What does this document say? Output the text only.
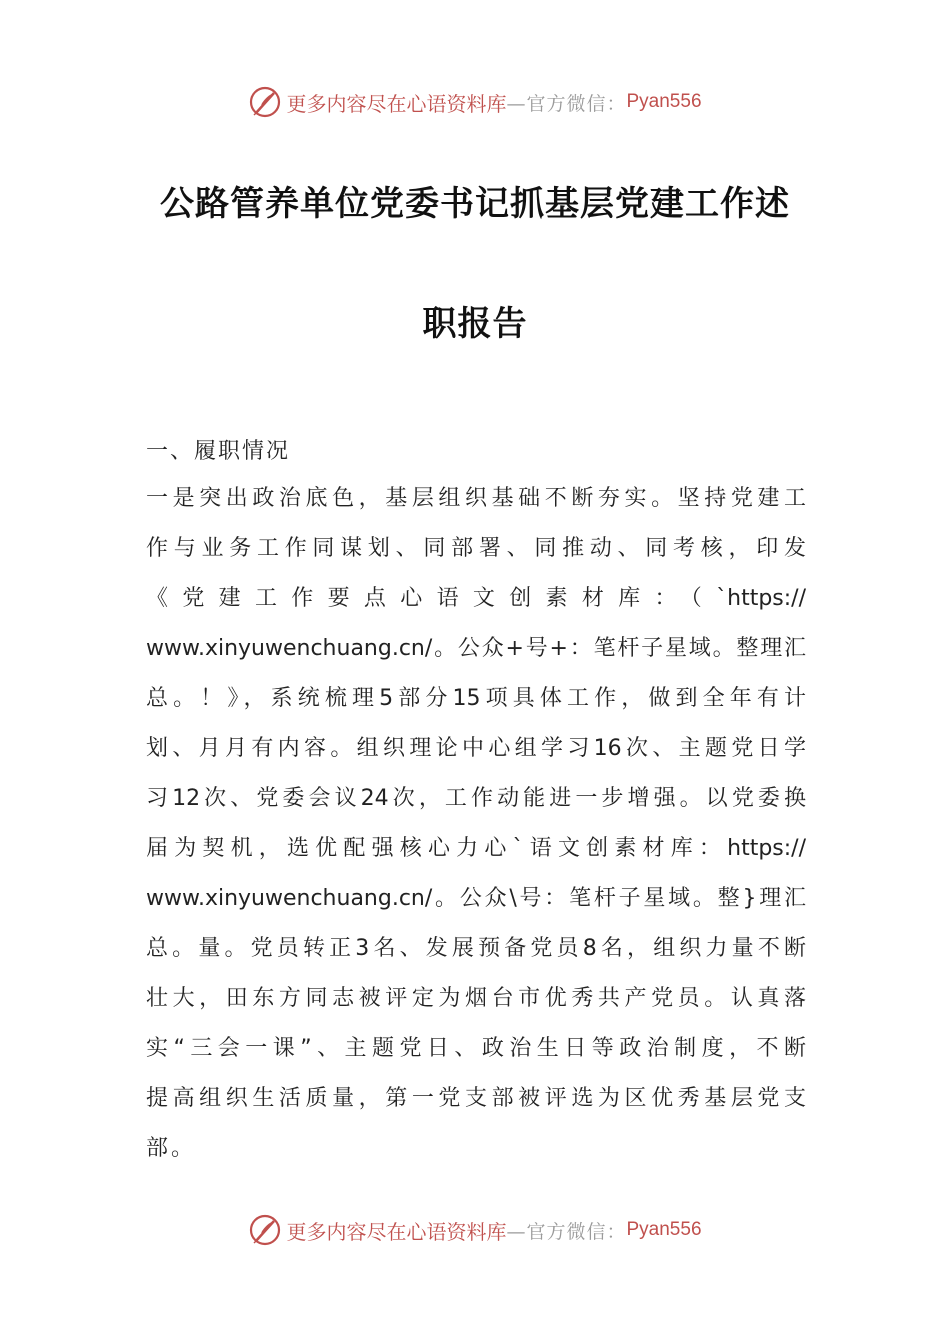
更多内容尽在心语资料库 —官方微信： Pyan556
公路管养单位党委书记抓基层党建工作述
职报告
一、履职情况
一是突出政治底色，基层组织基础不断夯实。坚持党建工
作与业务工作同谋划、同部署、同推动、同考核，印发
《党建工作要点心语文创素材库：（`https://
www.xinyuwenchuang.cn/。公众+号+：笔杆子星域。整理汇
总。！》，系统梳理5部分15项具体工作，做到全年有计
划、月月有内容。组织理论中心组学习16次、主题党日学
习12次、党委会议24次，工作动能进一步增强。以党委换
届为契机，选优配强核心力心`语文创素材库：https://
www.xinyuwenchuang.cn/。公众\号：笔杆子星域。整}理汇
总。量。党员转正3名、发展预备党员8名，组织力量不断
壮大，田东方同志被评定为烟台市优秀共产党员。认真落
实“三会一课”、主题党日、政治生日等政治制度，不断
提高组织生活质量，第一党支部被评选为区优秀基层党支
部。
更多内容尽在心语资料库 —官方微信： Pyan556
